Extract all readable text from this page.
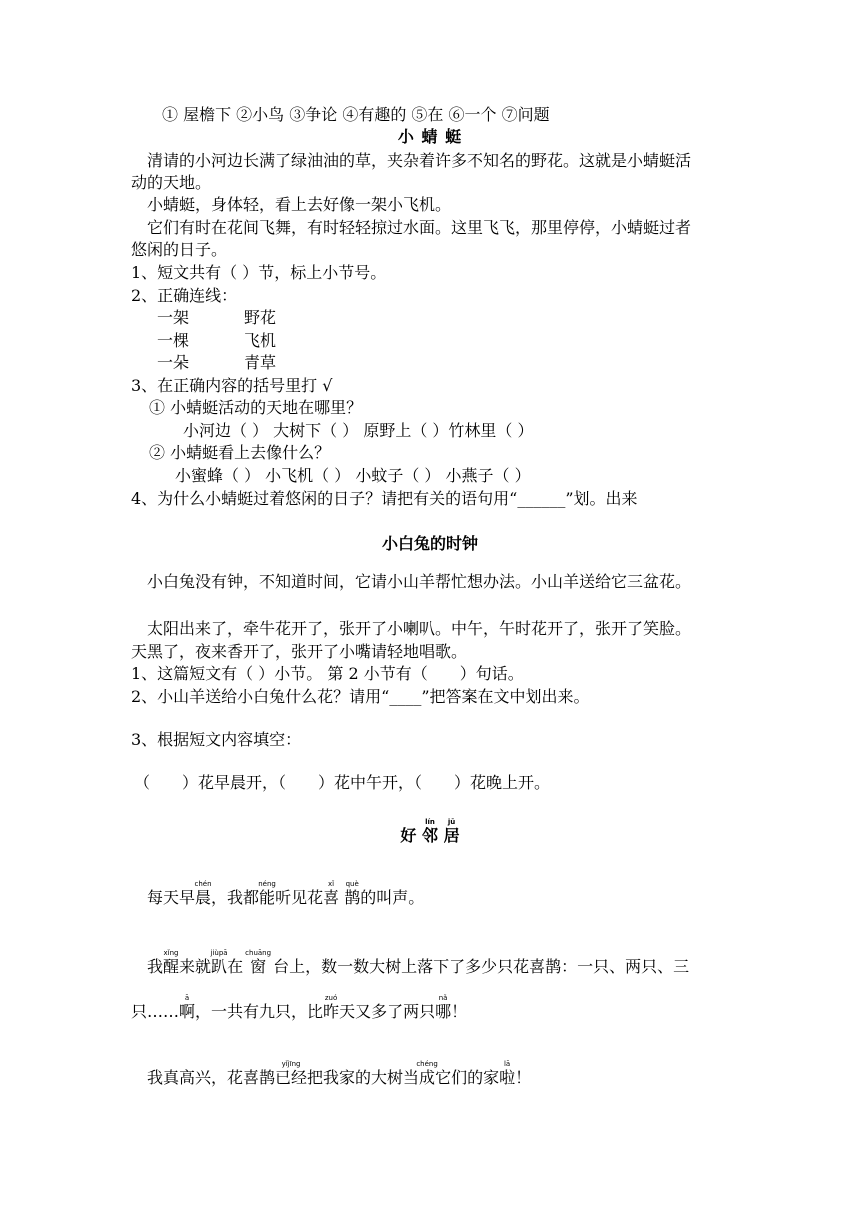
① 屋檐下 ②小鸟 ③争论 ④有趣的 ⑤在 ⑥一个 ⑦问题
小 蜻 蜓
清请的小河边长满了绿油油的草，夹杂着许多不知名的野花。这就是小蜻蜓活
动的天地。
小蜻蜓，身体轻，看上去好像一架小飞机。
它们有时在花间飞舞，有时轻轻掠过水面。这里飞飞，那里停停，小蜻蜓过者
悠闲的日子。
1、短文共有（ ）节，标上小节号。
2、正确连线：
一架	野花
一棵	飞机
一朵	青草
3、在正确内容的括号里打 √
① 小蜻蜓活动的天地在哪里？
小河边（ ） 大树下（ ） 原野上（ ）竹林里（ ）
② 小蜻蜓看上去像什么？
小蜜蜂（ ） 小飞机（ ） 小蚊子（ ） 小燕子（ ）
4、为什么小蜻蜓过着悠闲的日子？请把有关的语句用“______”划。出来
小白兔的时钟
小白兔没有钟，不知道时间，它请小山羊帮忙想办法。小山羊送给它三盆花。
太阳出来了，牵牛花开了，张开了小喇叭。中午，午时花开了，张开了笑脸。
天黑了，夜来香开了，张开了小嘴请轻地唱歌。
1、这篇短文有（ ）小节。 第 2 小节有（　　）句话。
2、小山羊送给小白兔什么花？请用“____”把答案在文中划出来。
3、根据短文内容填空：
（　　）花早晨开，（　　）花中午开，（　　）花晚上开。
好 邻lín 居jū
每天早晨chén，我都能néng听见花喜xǐ 鹊què的叫声。
我醒xǐng来就趴jiùpā在 窗chuāng 台上，数一数大树上落下了多少只花喜鹊：一只、两只、三
只……啊ā，一共有九只，比昨zuó天又多了两只哪nǎ！
我真高兴，花喜鹊已经yǐjīng把我家的大树当成chéng它们的家啦lā！
